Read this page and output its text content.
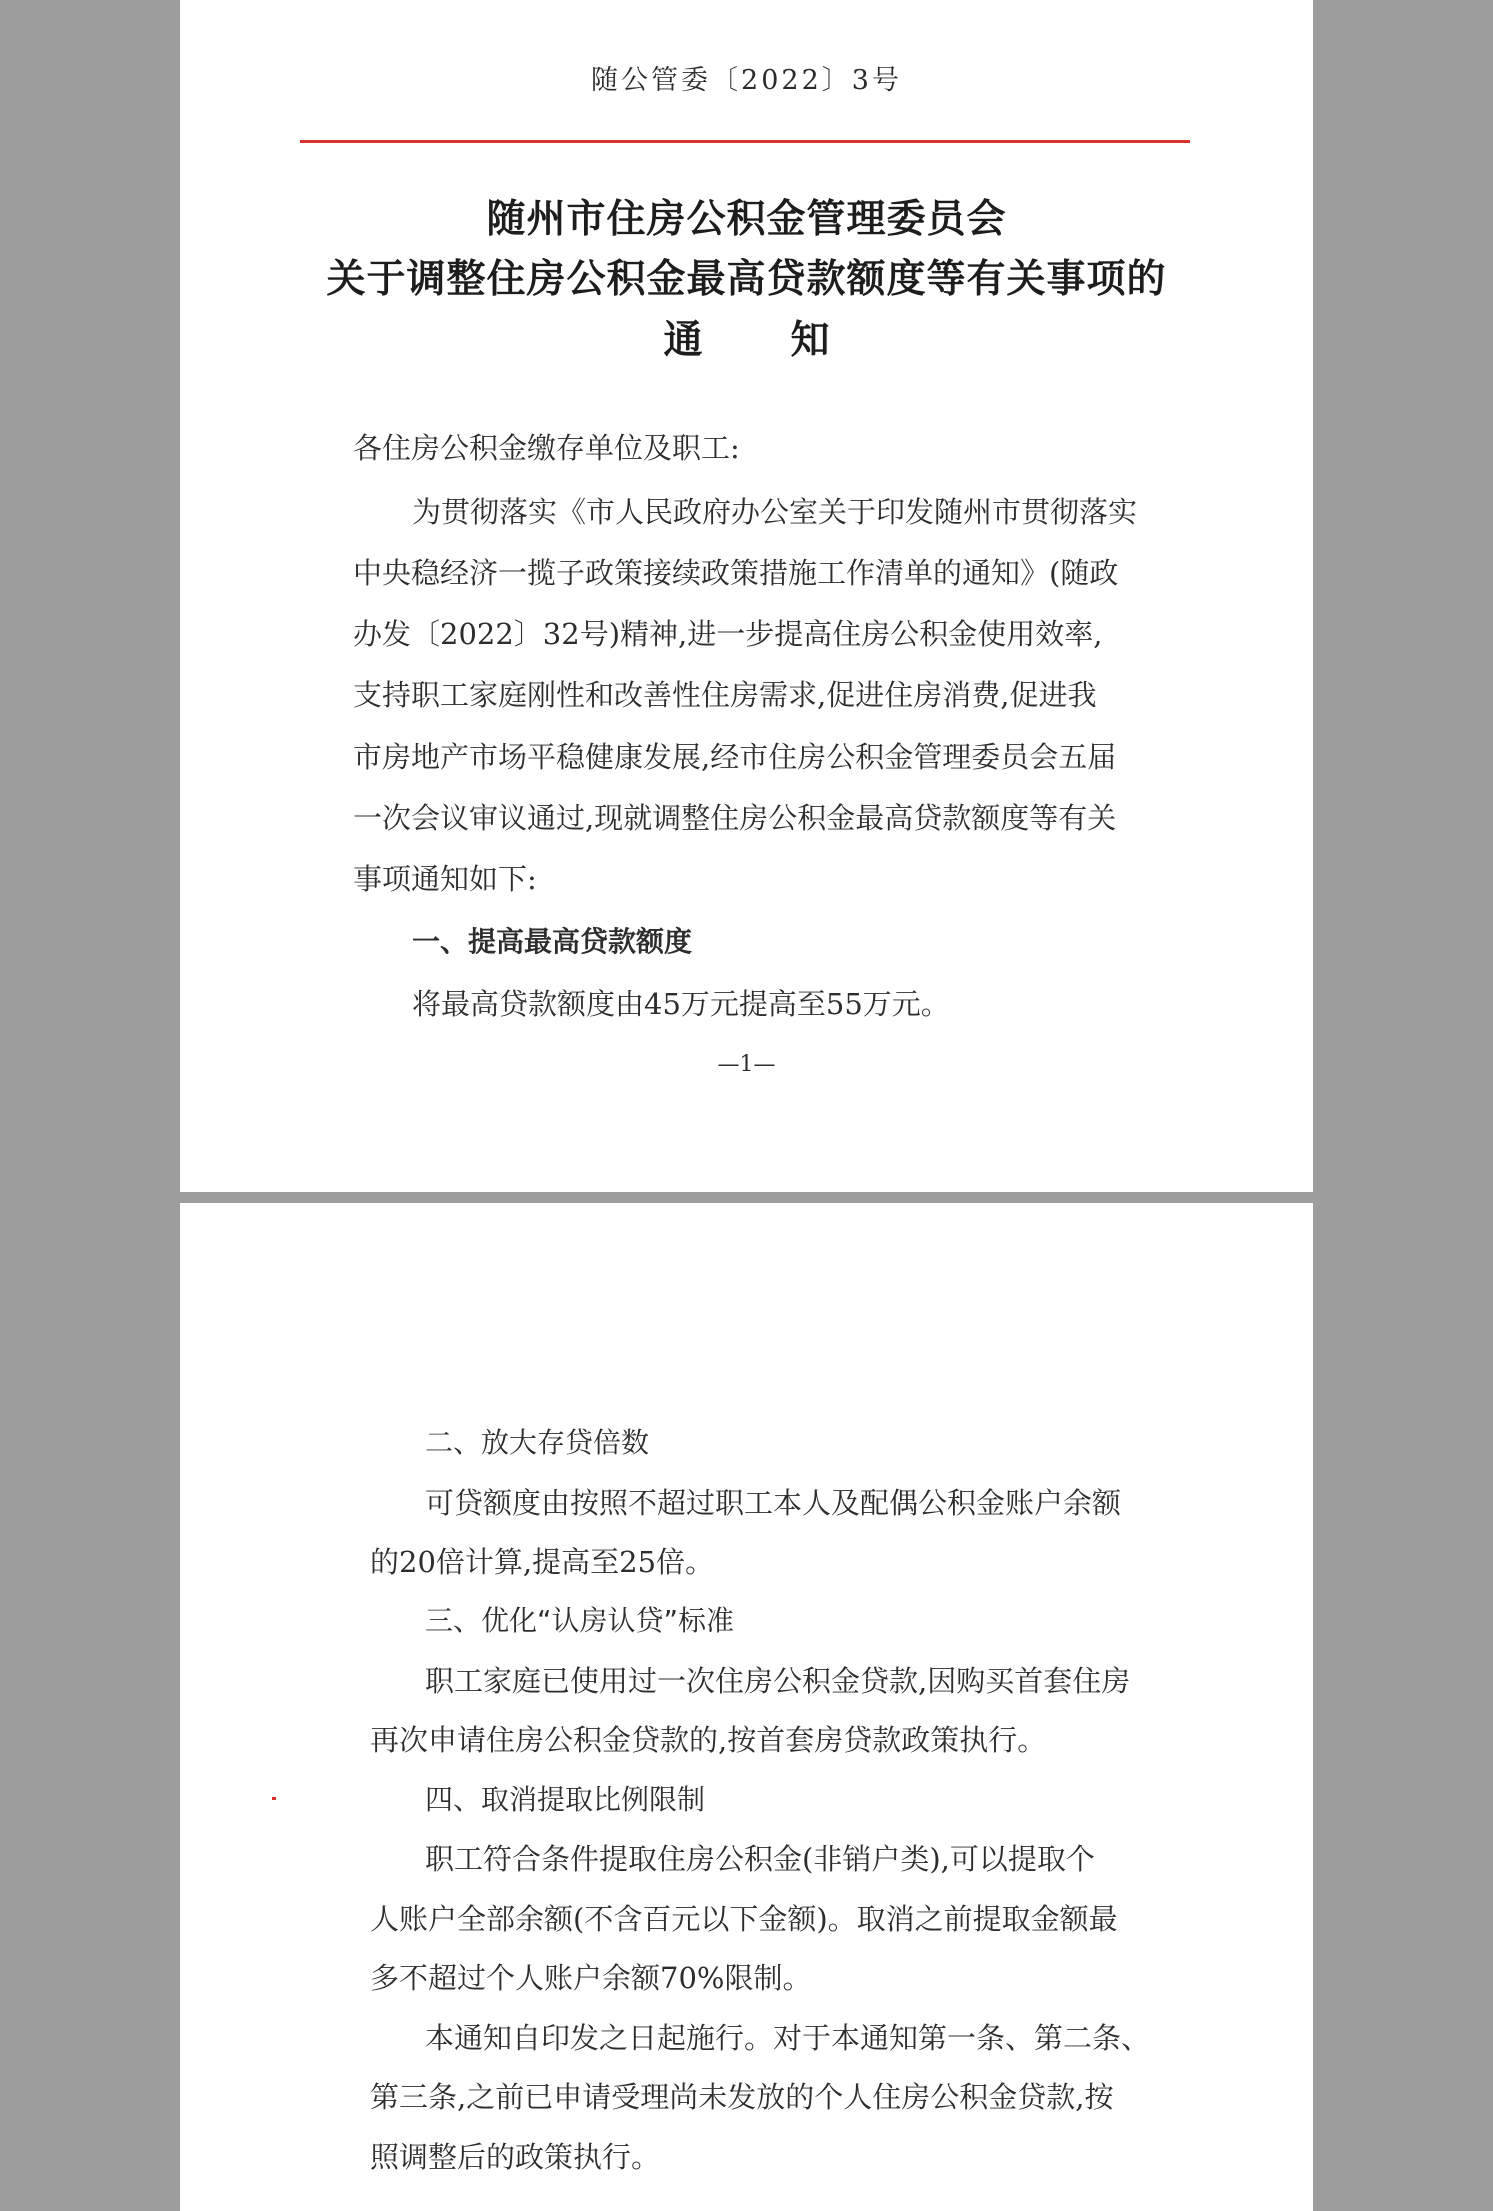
随公管委〔2022〕3号
随州市住房公积金管理委员会
关于调整住房公积金最高贷款额度等有关事项的
通知
各住房公积金缴存单位及职工:
为贯彻落实《市人民政府办公室关于印发随州市贯彻落实
中央稳经济一揽子政策接续政策措施工作清单的通知》(随政
办发〔2022〕32号)精神,进一步提高住房公积金使用效率,
支持职工家庭刚性和改善性住房需求,促进住房消费,促进我
市房地产市场平稳健康发展,经市住房公积金管理委员会五届
一次会议审议通过,现就调整住房公积金最高贷款额度等有关
事项通知如下:
一、提高最高贷款额度
将最高贷款额度由45万元提高至55万元。
—1—
二、放大存贷倍数
可贷额度由按照不超过职工本人及配偶公积金账户余额
的20倍计算,提高至25倍。
三、优化“认房认贷”标准
职工家庭已使用过一次住房公积金贷款,因购买首套住房
再次申请住房公积金贷款的,按首套房贷款政策执行。
四、取消提取比例限制
职工符合条件提取住房公积金(非销户类),可以提取个
人账户全部余额(不含百元以下金额)。取消之前提取金额最
多不超过个人账户余额70%限制。
本通知自印发之日起施行。对于本通知第一条、第二条、
第三条,之前已申请受理尚未发放的个人住房公积金贷款,按
照调整后的政策执行。
